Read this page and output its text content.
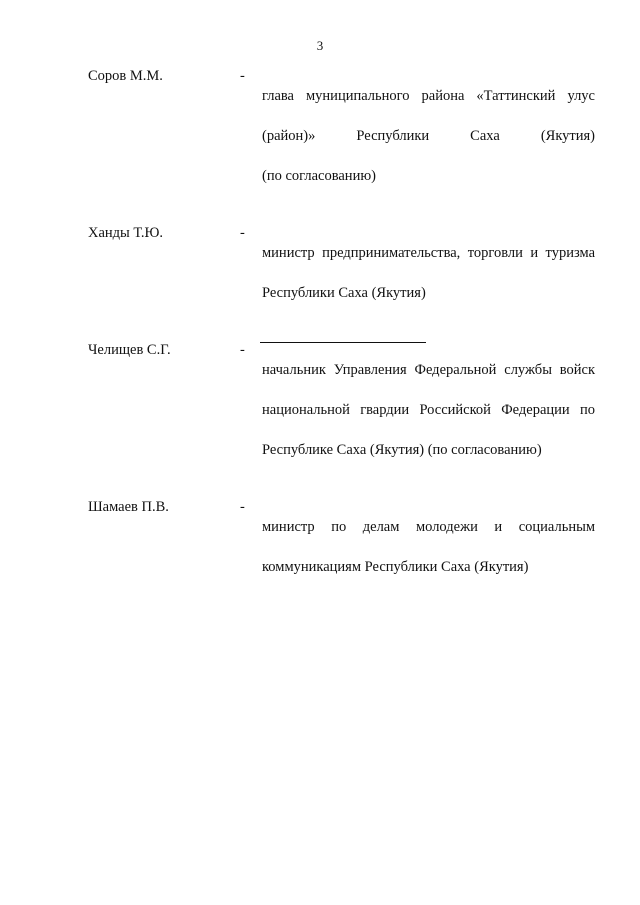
3
Соров М.М.	-

глава муниципального района «Таттинский улус

(район)» Республики Саха (Якутия)

(по согласованию)

Ханды Т.Ю.	-

министр предпринимательства, торговли и туризма

Республики Саха (Якутия)

Челищев С.Г.	-

начальник Управления Федеральной службы войск

национальной гвардии Российской Федерации по

Республике Саха (Якутия) (по согласованию)

Шамаев П.В.	-

министр по делам молодежи и социальным

коммуникациям Республики Саха (Якутия)
